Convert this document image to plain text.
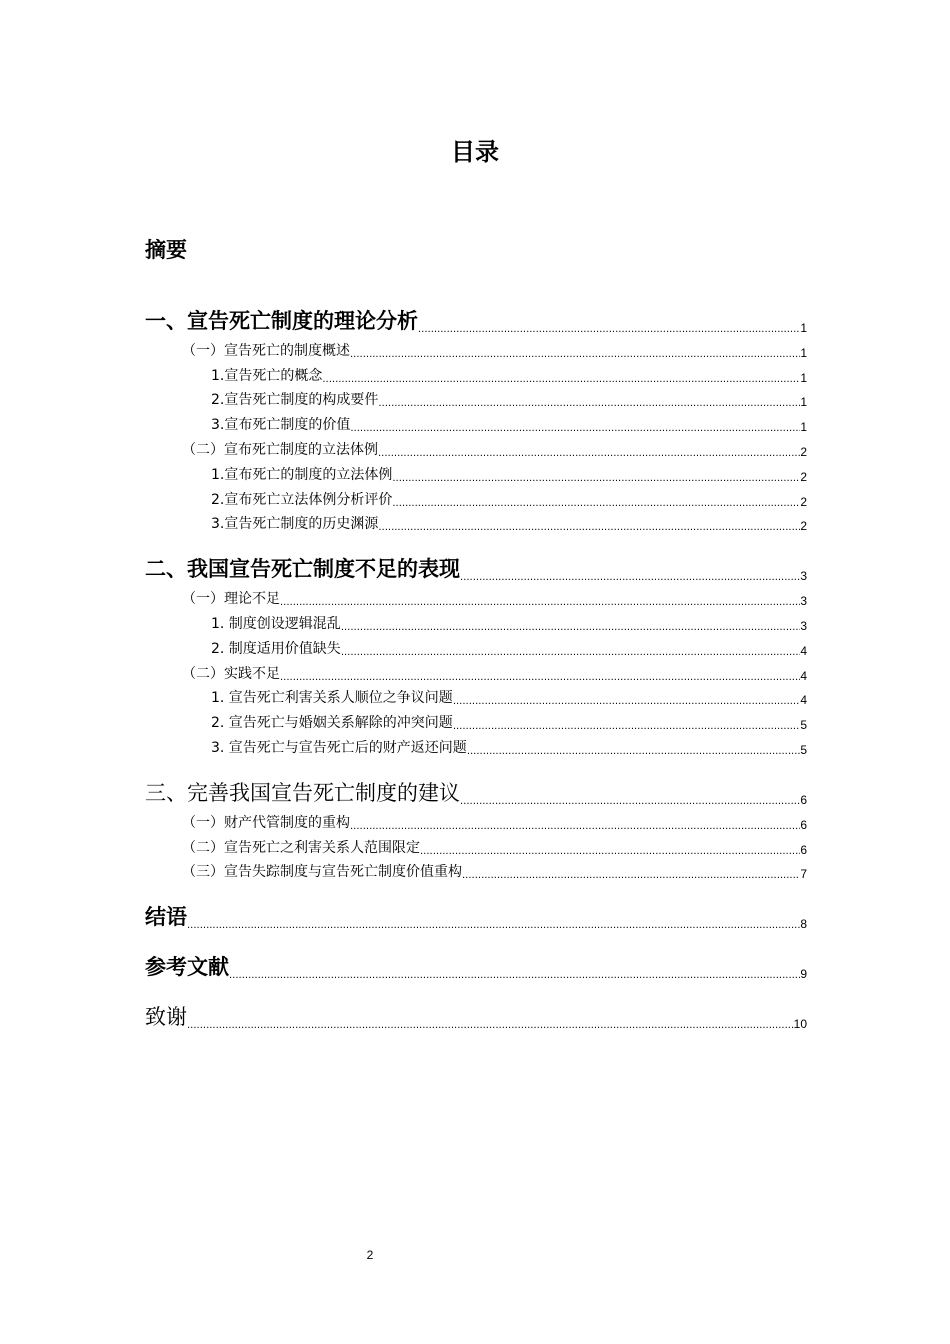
目录
摘要
一、宣告死亡制度的理论分析 .....	1
（一）宣告死亡的制度概述 .....	1
1.宣告死亡的概念 .....	1
2.宣告死亡制度的构成要件 .....	1
3.宣布死亡制度的价值 .....	1
（二）宣布死亡制度的立法体例 .....	2
1.宣布死亡的制度的立法体例 .....	2
2.宣布死亡立法体例分析评价 .....	2
3.宣告死亡制度的历史渊源 .....	2
二、我国宣告死亡制度不足的表现 .....	3
（一）理论不足 .....	3
1. 制度创设逻辑混乱 .....	3
2. 制度适用价值缺失 .....	4
（二）实践不足 .....	4
1. 宣告死亡利害关系人顺位之争议问题 .....	4
2. 宣告死亡与婚姻关系解除的冲突问题 .....	5
3. 宣告死亡与宣告死亡后的财产返还问题 .....	5
三、完善我国宣告死亡制度的建议 .....	6
（一）财产代管制度的重构 .....	6
（二）宣告死亡之利害关系人范围限定 .....	6
（三）宣告失踪制度与宣告死亡制度价值重构 .....	7
结语 .....	8
参考文献 .....	9
致谢 .....	10
2
